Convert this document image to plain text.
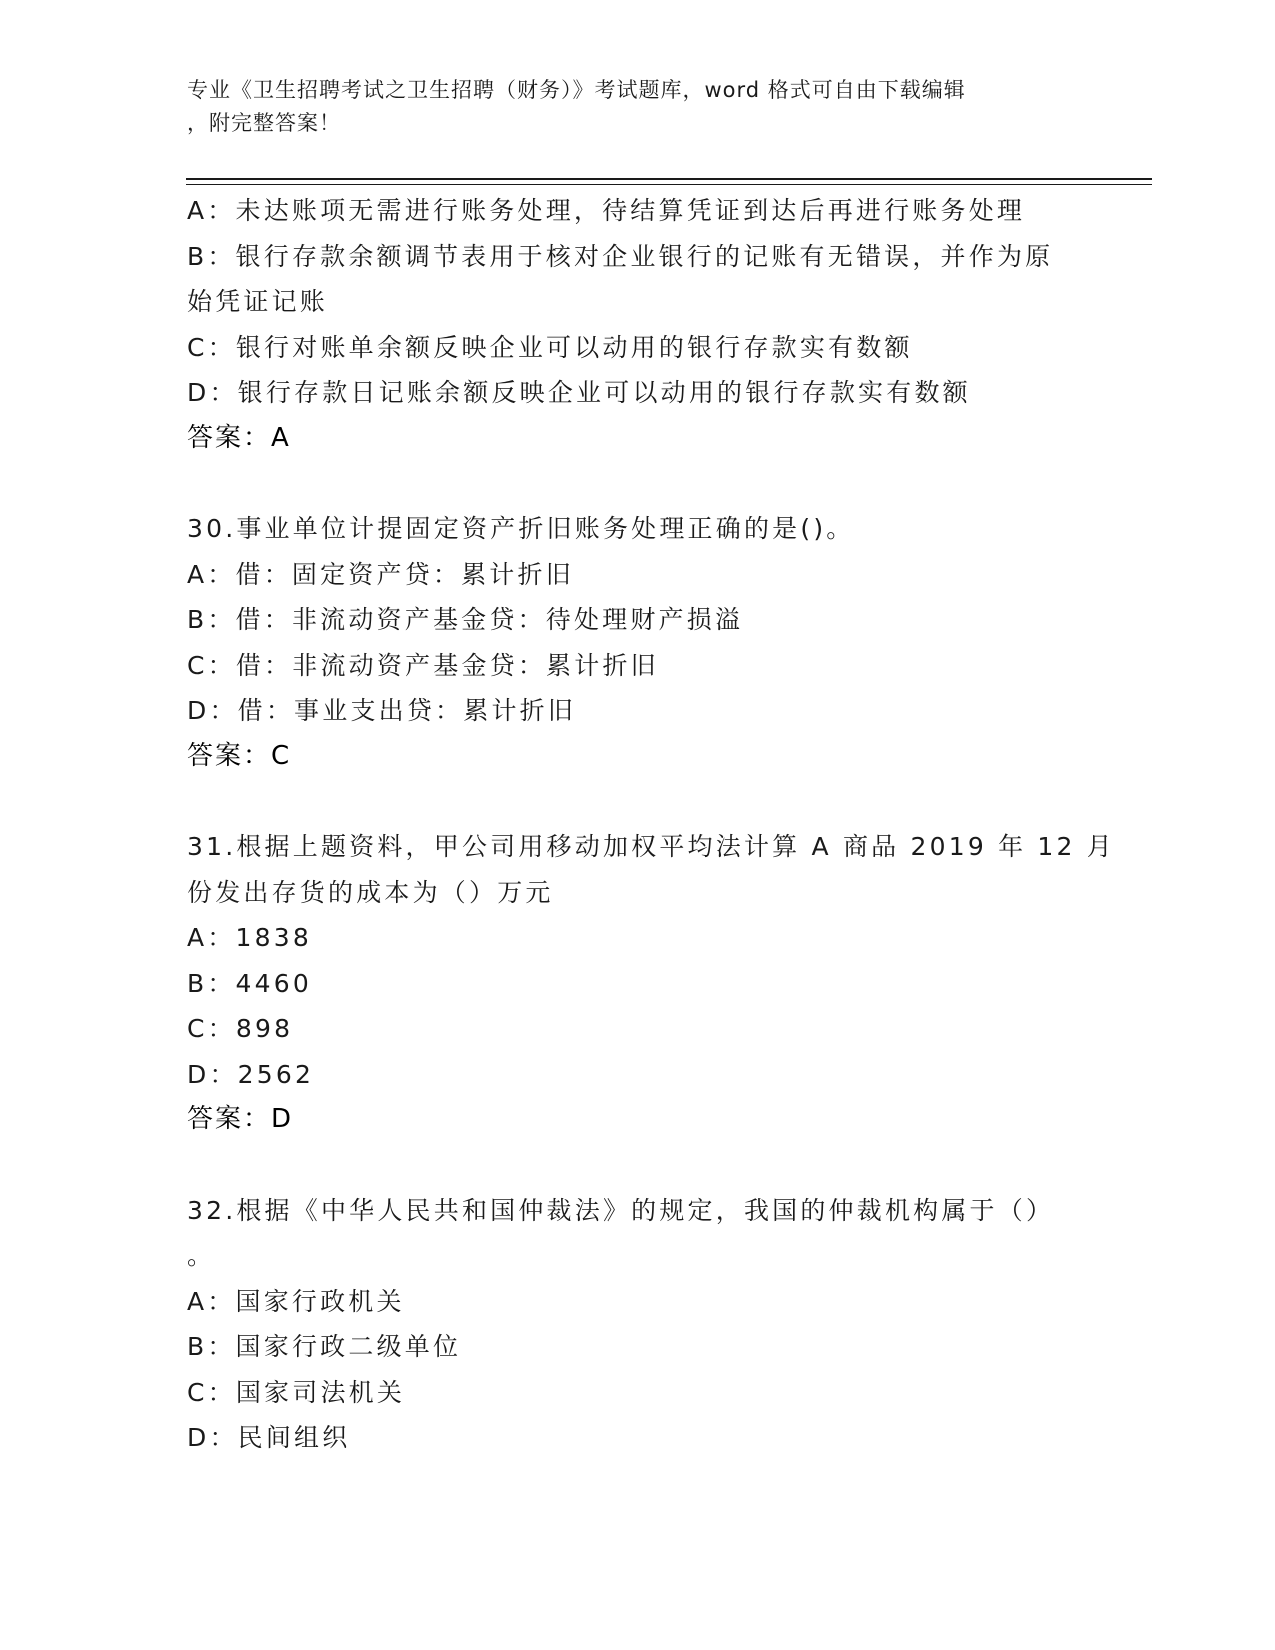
专业《卫生招聘考试之卫生招聘（财务）》考试题库，word 格式可自由下载编辑
，附完整答案！
A：未达账项无需进行账务处理，待结算凭证到达后再进行账务处理
B：银行存款余额调节表用于核对企业银行的记账有无错误，并作为原
始凭证记账
C：银行对账单余额反映企业可以动用的银行存款实有数额
D：银行存款日记账余额反映企业可以动用的银行存款实有数额
答案：A
30.事业单位计提固定资产折旧账务处理正确的是()。
A：借：固定资产贷：累计折旧
B：借：非流动资产基金贷：待处理财产损溢
C：借：非流动资产基金贷：累计折旧
D：借：事业支出贷：累计折旧
答案：C
31.根据上题资料，甲公司用移动加权平均法计算 A 商品 2019 年 12 月
份发出存货的成本为（）万元
A：1838
B：4460
C：898
D：2562
答案：D
32.根据《中华人民共和国仲裁法》的规定，我国的仲裁机构属于（）
。
A：国家行政机关
B：国家行政二级单位
C：国家司法机关
D：民间组织
